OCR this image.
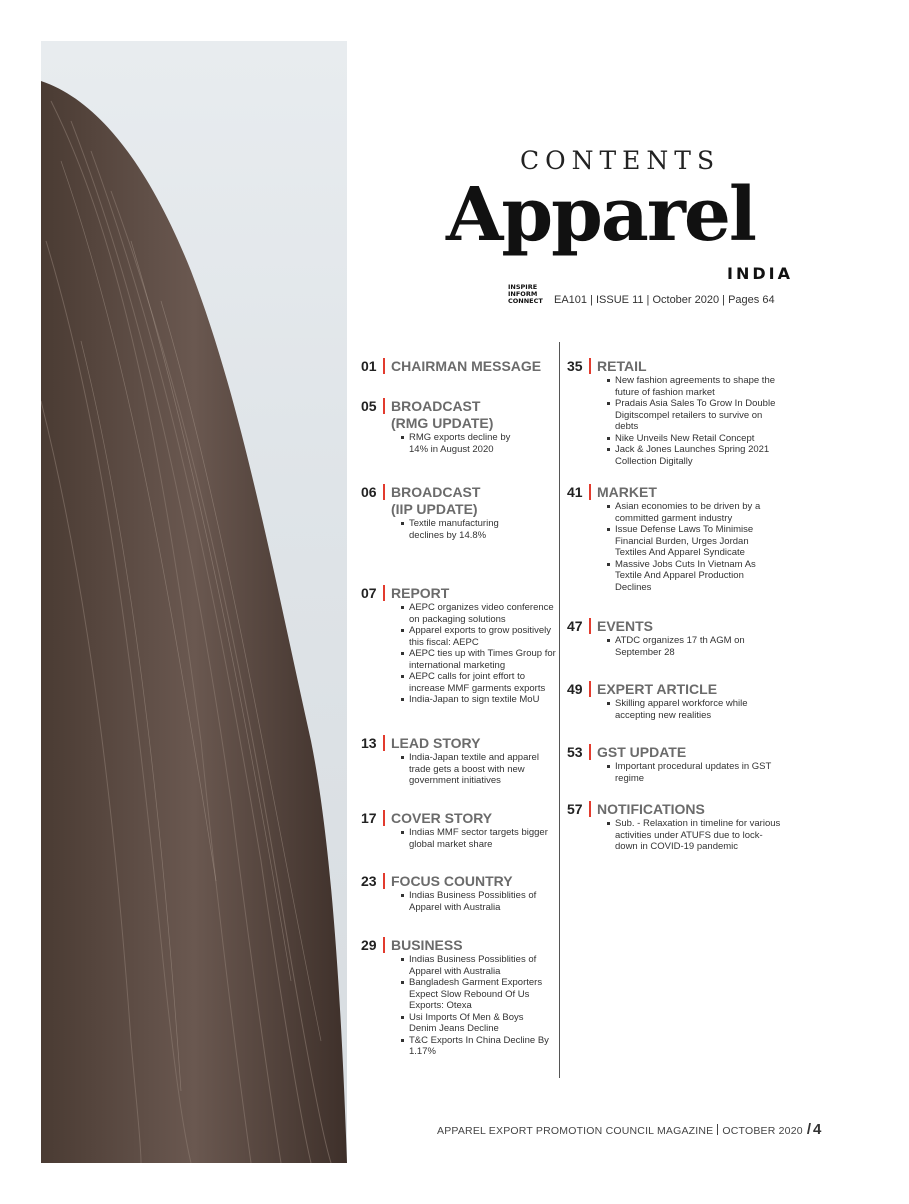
CONTENTS
Apparel
INDIA
INSPIRE
INFORM
CONNECT EA101 | ISSUE 11 | October 2020 | Pages 64
01	CHAIRMAN MESSAGE
05	BROADCAST
(RMG UPDATE)
RMG exports decline by 14% in August 2020
06	BROADCAST
(IIP UPDATE)
Textile manufacturing declines by 14.8%
07	REPORT
AEPC organizes video conference on packaging solutions
Apparel exports to grow positively this fiscal: AEPC
AEPC ties up with Times Group for international marketing
AEPC calls for joint effort to increase MMF garments exports
India-Japan to sign textile MoU
13	LEAD STORY
India-Japan textile and apparel trade gets a boost with new government initiatives
17	COVER STORY
Indias MMF sector targets bigger global market share
23	FOCUS COUNTRY
Indias Business Possiblities of Apparel with Australia
29	BUSINESS
Indias Business Possiblities of Apparel with Australia
Bangladesh Garment Exporters Expect Slow Rebound Of Us Exports: Otexa
Usi Imports Of Men & Boys Denim Jeans Decline
T&C Exports In China Decline By 1.17%
35	RETAIL
New fashion agreements to shape the future of fashion market
Pradais Asia Sales To Grow In Double Digitscompel retailers to survive on debts
Nike Unveils New Retail Concept
Jack & Jones Launches Spring 2021 Collection Digitally
41	MARKET
Asian economies to be driven by a committed garment industry
Issue Defense Laws To Minimise Financial Burden, Urges Jordan Textiles And Apparel Syndicate
Massive Jobs Cuts In Vietnam As Textile And Apparel Production Declines
47	EVENTS
ATDC organizes 17 th AGM on September 28
49	EXPERT ARTICLE
Skilling apparel workforce while accepting new realities
53	GST UPDATE
Important procedural updates in GST regime
57	NOTIFICATIONS
Sub. - Relaxation in timeline for various activities under ATUFS due to lock-down in COVID-19 pandemic
APPAREL EXPORT PROMOTION COUNCIL MAGAZINE OCTOBER 2020 / 4
